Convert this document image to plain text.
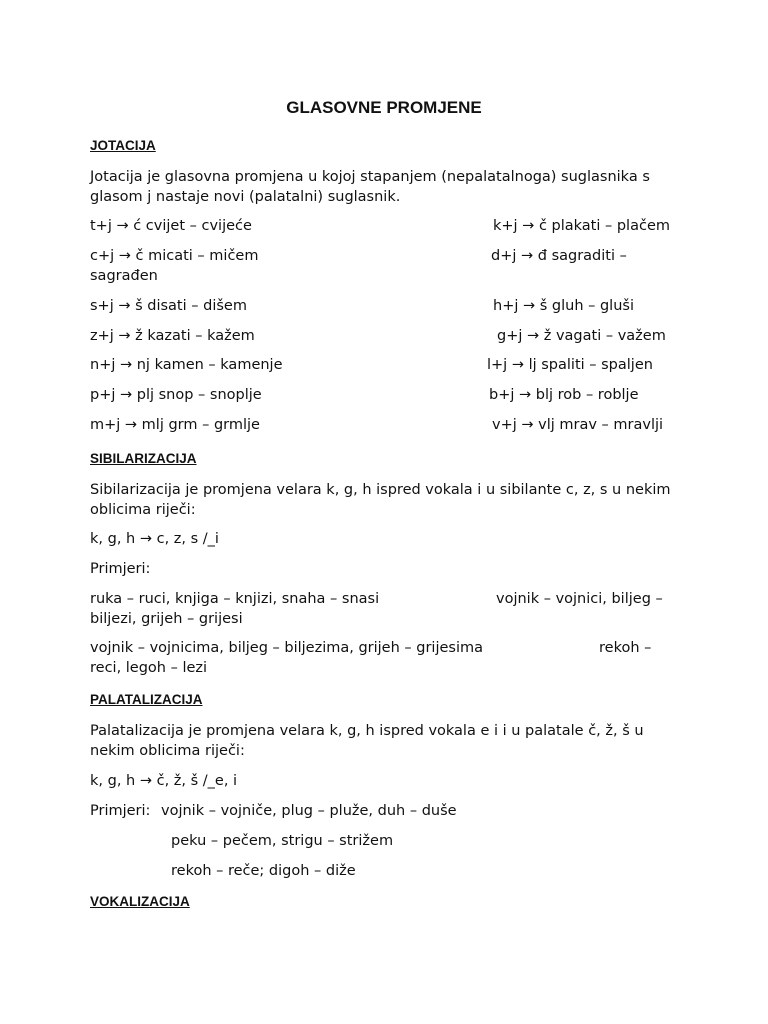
GLASOVNE PROMJENE
JOTACIJA
Jotacija je glasovna promjena u kojoj stapanjem (nepalatalnoga) suglasnika s glasom j nastaje novi (palatalni) suglasnik.
t+j → ć cvijet – cvijeće	k+j → č plakati – plačem
c+j → č micati – mičem	d+j → đ sagraditi –
sagrađen
s+j → š disati – dišem	h+j → š gluh – gluši
z+j → ž kazati – kažem	g+j → ž vagati – važem
n+j → nj kamen – kamenje	l+j → lj spaliti – spaljen
p+j → plj snop – snoplje	b+j → blj rob – roblje
m+j → mlj grm – grmlje	v+j → vlj mrav – mravlji
SIBILARIZACIJA
Sibilarizacija je promjena velara k, g, h ispred vokala i u sibilante c, z, s u nekim oblicima riječi:
k, g, h → c, z, s /_i
Primjeri:
ruka – ruci, knjiga – knjizi, snaha – snasi	vojnik – vojnici, biljeg –
biljezi, grijeh – grijesi
vojnik – vojnicima, biljeg – biljezima, grijeh – grijesima	rekoh –
reci, legoh – lezi
PALATALIZACIJA
Palatalizacija je promjena velara k, g, h ispred vokala e i i u palatale č, ž, š u nekim oblicima riječi:
k, g, h → č, ž, š /_e, i
Primjeri: vojnik – vojniče, plug – pluže, duh – duše
peku – pečem, strigu – strižem
rekoh – reče; digoh – diže
VOKALIZACIJA
